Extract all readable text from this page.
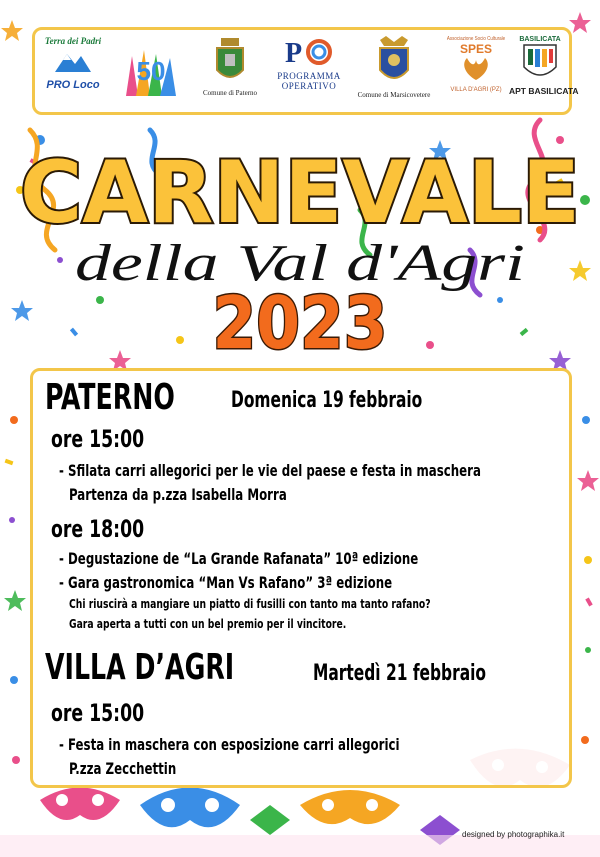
Terra dei Padri
PRO Loco 50
Comune di Paterno
P
PROGRAMMA
OPERATIVO
Comune di Marsicovetere
Associazione Socio Culturale
SPES
VILLA D'AGRI (PZ)
BASILICATA
APT BASILICATA
CARNEVALE
della Val d'Agri
2023
PATERNO	Domenica 19 febbraio
ore 15:00
- Sfilata carri allegorici per le vie del paese e festa in maschera
Partenza da p.zza Isabella Morra
ore 18:00
- Degustazione de “La Grande Rafanata” 10ª edizione
- Gara gastronomica “Man Vs Rafano” 3ª edizione
Chi riuscirà a mangiare un piatto di fusilli con tanto ma tanto rafano?
Gara aperta a tutti con un bel premio per il vincitore.
VILLA D’AGRI	Martedì 21 febbraio
ore 15:00
- Festa in maschera con esposizione carri allegorici
P.zza Zecchettin
designed by photographika.it
